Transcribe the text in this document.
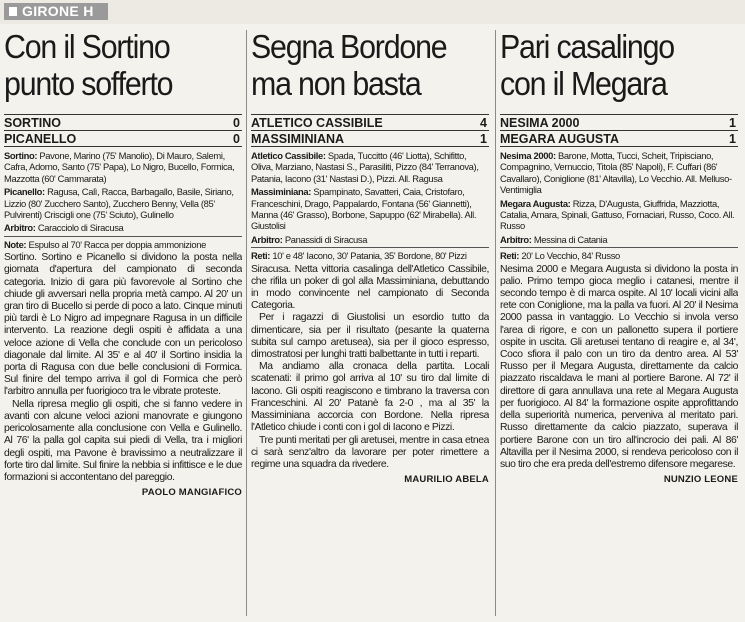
GIRONE H
Con il Sortino
punto sofferto
SORTINO	0
PICANELLO	0
Sortino: Pavone, Marino (75' Manolio), Di Mauro, Salemi, Cafra, Adorno, Santo (75' Papa), Lo Nigro, Bucello, Formica, Mazzotta (60' Cammarata)
Picanello: Ragusa, Calì, Racca, Barbagallo, Basile, Siriano, Lizzio (80' Zucchero Santo), Zucchero Benny, Vella (85' Pulvirenti) Criscigli one (75' Sciuto), Gulinello
Arbitro: Caracciolo di Siracusa
Note: Espulso al 70' Racca per doppia ammonizione

Sortino. Sortino e Picanello si dividono la posta nella giornata d'apertura del campionato di seconda categoria. Inizio di gara più favorevole al Sortino che chiude gli avversari nella propria metà campo. Al 20' un gran tiro di Bucello si perde di poco a lato. Cinque minuti più tardi è Lo Nigro ad impegnare Ragusa in un difficile intervento. La reazione degli ospiti è affidata a una veloce azione di Vella che conclude con un pericoloso diagonale dal limite. Al 35' e al 40' il Sortino insidia la porta di Ragusa con due belle conclusioni di Formica. Sul finire del tempo arriva il gol di Formica che però l'arbitro annulla per fuorigioco tra le vibrate proteste.

Nella ripresa meglio gli ospiti, che si fanno vedere in avanti con alcune veloci azioni manovrate e giungono pericolosamente alla conclusione con Vella e Gulinello. Al 76' la palla gol capita sui piedi di Vella, tra i migliori degli ospiti, ma Pavone è bravissimo a neutralizzare il forte tiro dal limite. Sul finire la nebbia si infittisce e le due formazioni si accontentano del pareggio.

PAOLO MANGIAFICO
Segna Bordone
ma non basta
ATLETICO CASSIBILE	4
MASSIMINIANA	1
Atletico Cassibile: Spada, Tuccitto (46' Liotta), Schifitto, Oliva, Marziano, Nastasi S., Parasiliti, Pizzo (84' Terranova), Patania, Iacono (31' Nastasi D.), Pizzi. All. Ragusa
Massiminiana: Spampinato, Savatteri, Caia, Cristofaro, Franceschini, Drago, Pappalardo, Fontana (56' Giannetti), Manna (46' Grasso), Borbone, Sapuppo (62' Mirabella). All. Giustolisi
Arbitro: Panassidi di Siracusa
Reti: 10' e 48' Iacono, 30' Patania, 35' Bordone, 80' Pizzi

Siracusa. Netta vittoria casalinga dell'Atletico Cassibile, che rifila un poker di gol alla Massiminiana, debuttando in modo convincente nel campionato di Seconda Categoria.

Per i ragazzi di Giustolisi un esordio tutto da dimenticare, sia per il risultato (pesante la quaterna subita sul campo aretusea), sia per il gioco espresso, dimostratosi per lunghi tratti balbettante in tutti i reparti.

Ma andiamo alla cronaca della partita. Locali scatenati: il primo gol arriva al 10' su tiro dal limite di Iacono. Gli ospiti reagiscono e timbrano la traversa con Franceschini. Al 20' Patanè fa 2-0 , ma al 35' la Massiminiana accorcia con Bordone. Nella ripresa l'Atletico chiude i conti con i gol di Iacono e Pizzi.

Tre punti meritati per gli aretusei, mentre in casa etnea ci sarà senz'altro da lavorare per poter rimettere a regime una squadra da rivedere.

MAURILIO ABELA
Pari casalingo
con il Megara
NESIMA 2000	1
MEGARA AUGUSTA	1
Nesima 2000: Barone, Motta, Tucci, Scheit, Tripisciano, Compagnino, Vernuccio, Titola (85' Napoli), F. Cuffari (86' Cavallaro), Coniglione (81' Altavilla), Lo Vecchio. All. Melluso-Ventimiglia
Megara Augusta: Rizza, D'Augusta, Giuffrida, Mazziotta, Catalia, Amara, Spinali, Gattuso, Fornaciari, Russo, Coco. All. Russo
Arbitro: Messina di Catania
Reti: 20' Lo Vecchio, 84' Russo

Nesima 2000 e Megara Augusta si dividono la posta in palio. Primo tempo gioca meglio i catanesi, mentre il secondo tempo è di marca ospite. Al 10' locali vicini alla rete con Coniglione, ma la palla va fuori. Al 20' il Nesima 2000 passa in vantaggio. Lo Vecchio si invola verso l'area di rigore, e con un pallonetto supera il portiere ospite in uscita. Gli aretusei tentano di reagire e, al 34', Coco sfiora il palo con un tiro da dentro area. Al 53' Russo per il Megara Augusta, direttamente da calcio piazzato riscaldava le mani al portiere Barone. Al 72' il direttore di gara annullava una rete al Megara Augusta per fuorigioco. Al 84' la formazione ospite approfittando della superiorità numerica, perveniva al meritato pari. Russo direttamente da calcio piazzato, superava il portiere Barone con un tiro all'incrocio dei pali. Al 86' Altavilla per il Nesima 2000, si rendeva pericoloso con il suo tiro che era preda dell'estremo difensore megarese.

NUNZIO LEONE
